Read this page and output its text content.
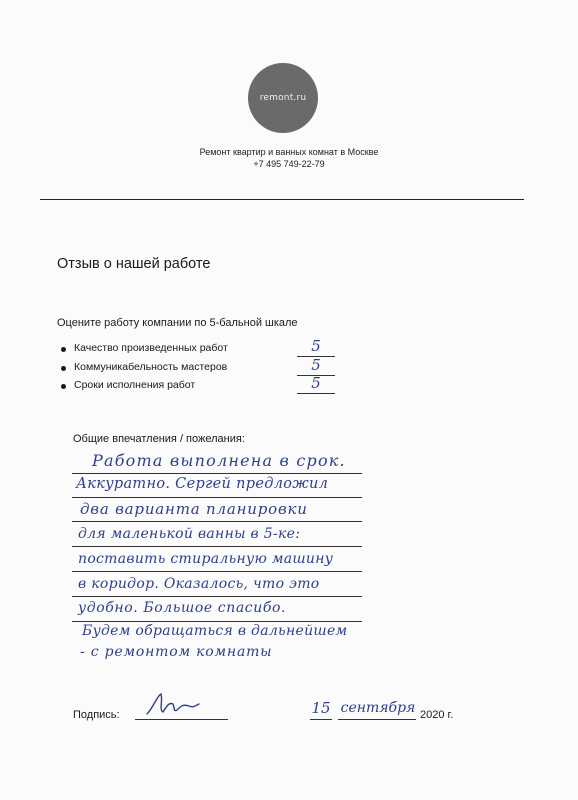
remont.ru
Ремонт квартир и ванных комнат в Москве
+7 495 749-22-79
Отзыв о нашей работе
Оцените работу компании по 5-бальной шкале
Качество произведенных работ	5
Коммуникабельность мастеров	5
Сроки исполнения работ	5
Общие впечатления / пожелания:
Работа выполнена в срок.
Аккуратно. Сергей предложил
два варианта планировки
для маленькой ванны в 5-ке:
поставить стиральную машину
в коридор. Оказалось, что это
удобно. Большое спасибо.
Будем обращаться в дальнейшем
- с ремонтом комнаты
Подпись:	15 сентября 2020 г.
